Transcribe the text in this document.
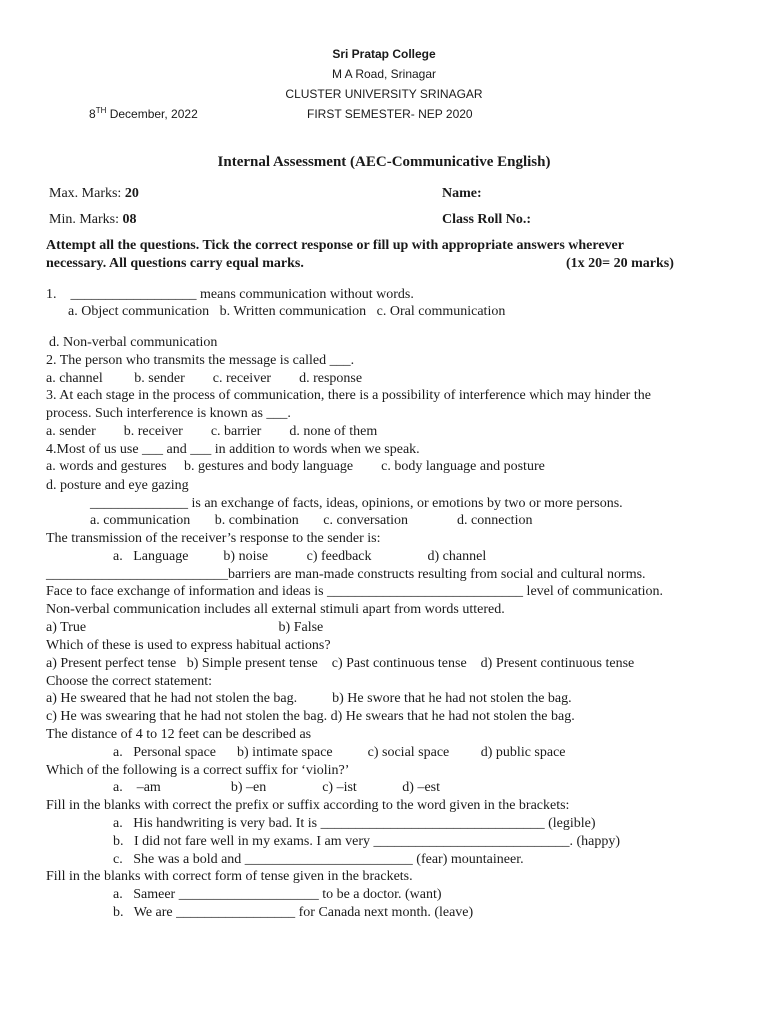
Sri Pratap College
M A Road, Srinagar
CLUSTER UNIVERSITY SRINAGAR
8TH December, 2022	FIRST SEMESTER- NEP 2020
Internal Assessment (AEC-Communicative English)
Max. Marks: 20	Name:
Min. Marks: 08	Class Roll No.:
Attempt all the questions. Tick the correct response or fill up with appropriate answers wherever
necessary. All questions carry equal marks.	(1x 20= 20 marks)
1.    __________________ means communication without words.
a. Object communication   b. Written communication   c. Oral communication
d. Non-verbal communication
2. The person who transmits the message is called ___.
a. channel         b. sender        c. receiver        d. response
3. At each stage in the process of communication, there is a possibility of interference which may hinder the
process. Such interference is known as ___.
a. sender        b. receiver        c. barrier        d. none of them
4.Most of us use ___ and ___ in addition to words when we speak.
a. words and gestures     b. gestures and body language        c. body language and posture
d. posture and eye gazing
______________ is an exchange of facts, ideas, opinions, or emotions by two or more persons.
a. communication       b. combination       c. conversation              d. connection
The transmission of the receiver’s response to the sender is:
a.   Language          b) noise           c) feedback                d) channel
__________________________barriers are man-made constructs resulting from social and cultural norms.
Face to face exchange of information and ideas is ____________________________ level of communication.
Non-verbal communication includes all external stimuli apart from words uttered.
a) True                                                       b) False
Which of these is used to express habitual actions?
a) Present perfect tense   b) Simple present tense    c) Past continuous tense    d) Present continuous tense
Choose the correct statement:
a) He sweared that he had not stolen the bag.          b) He swore that he had not stolen the bag.
c) He was swearing that he had not stolen the bag. d) He swears that he had not stolen the bag.
The distance of 4 to 12 feet can be described as
a.   Personal space      b) intimate space          c) social space         d) public space
Which of the following is a correct suffix for ‘violin?’
a.    –am                    b) –en                c) –ist             d) –est
Fill in the blanks with correct the prefix or suffix according to the word given in the brackets:
a.   His handwriting is very bad. It is ________________________________ (legible)
b.   I did not fare well in my exams. I am very ____________________________. (happy)
c.   She was a bold and ________________________ (fear) mountaineer.
Fill in the blanks with correct form of tense given in the brackets.
a.   Sameer ____________________ to be a doctor. (want)
b.   We are _________________ for Canada next month. (leave)
